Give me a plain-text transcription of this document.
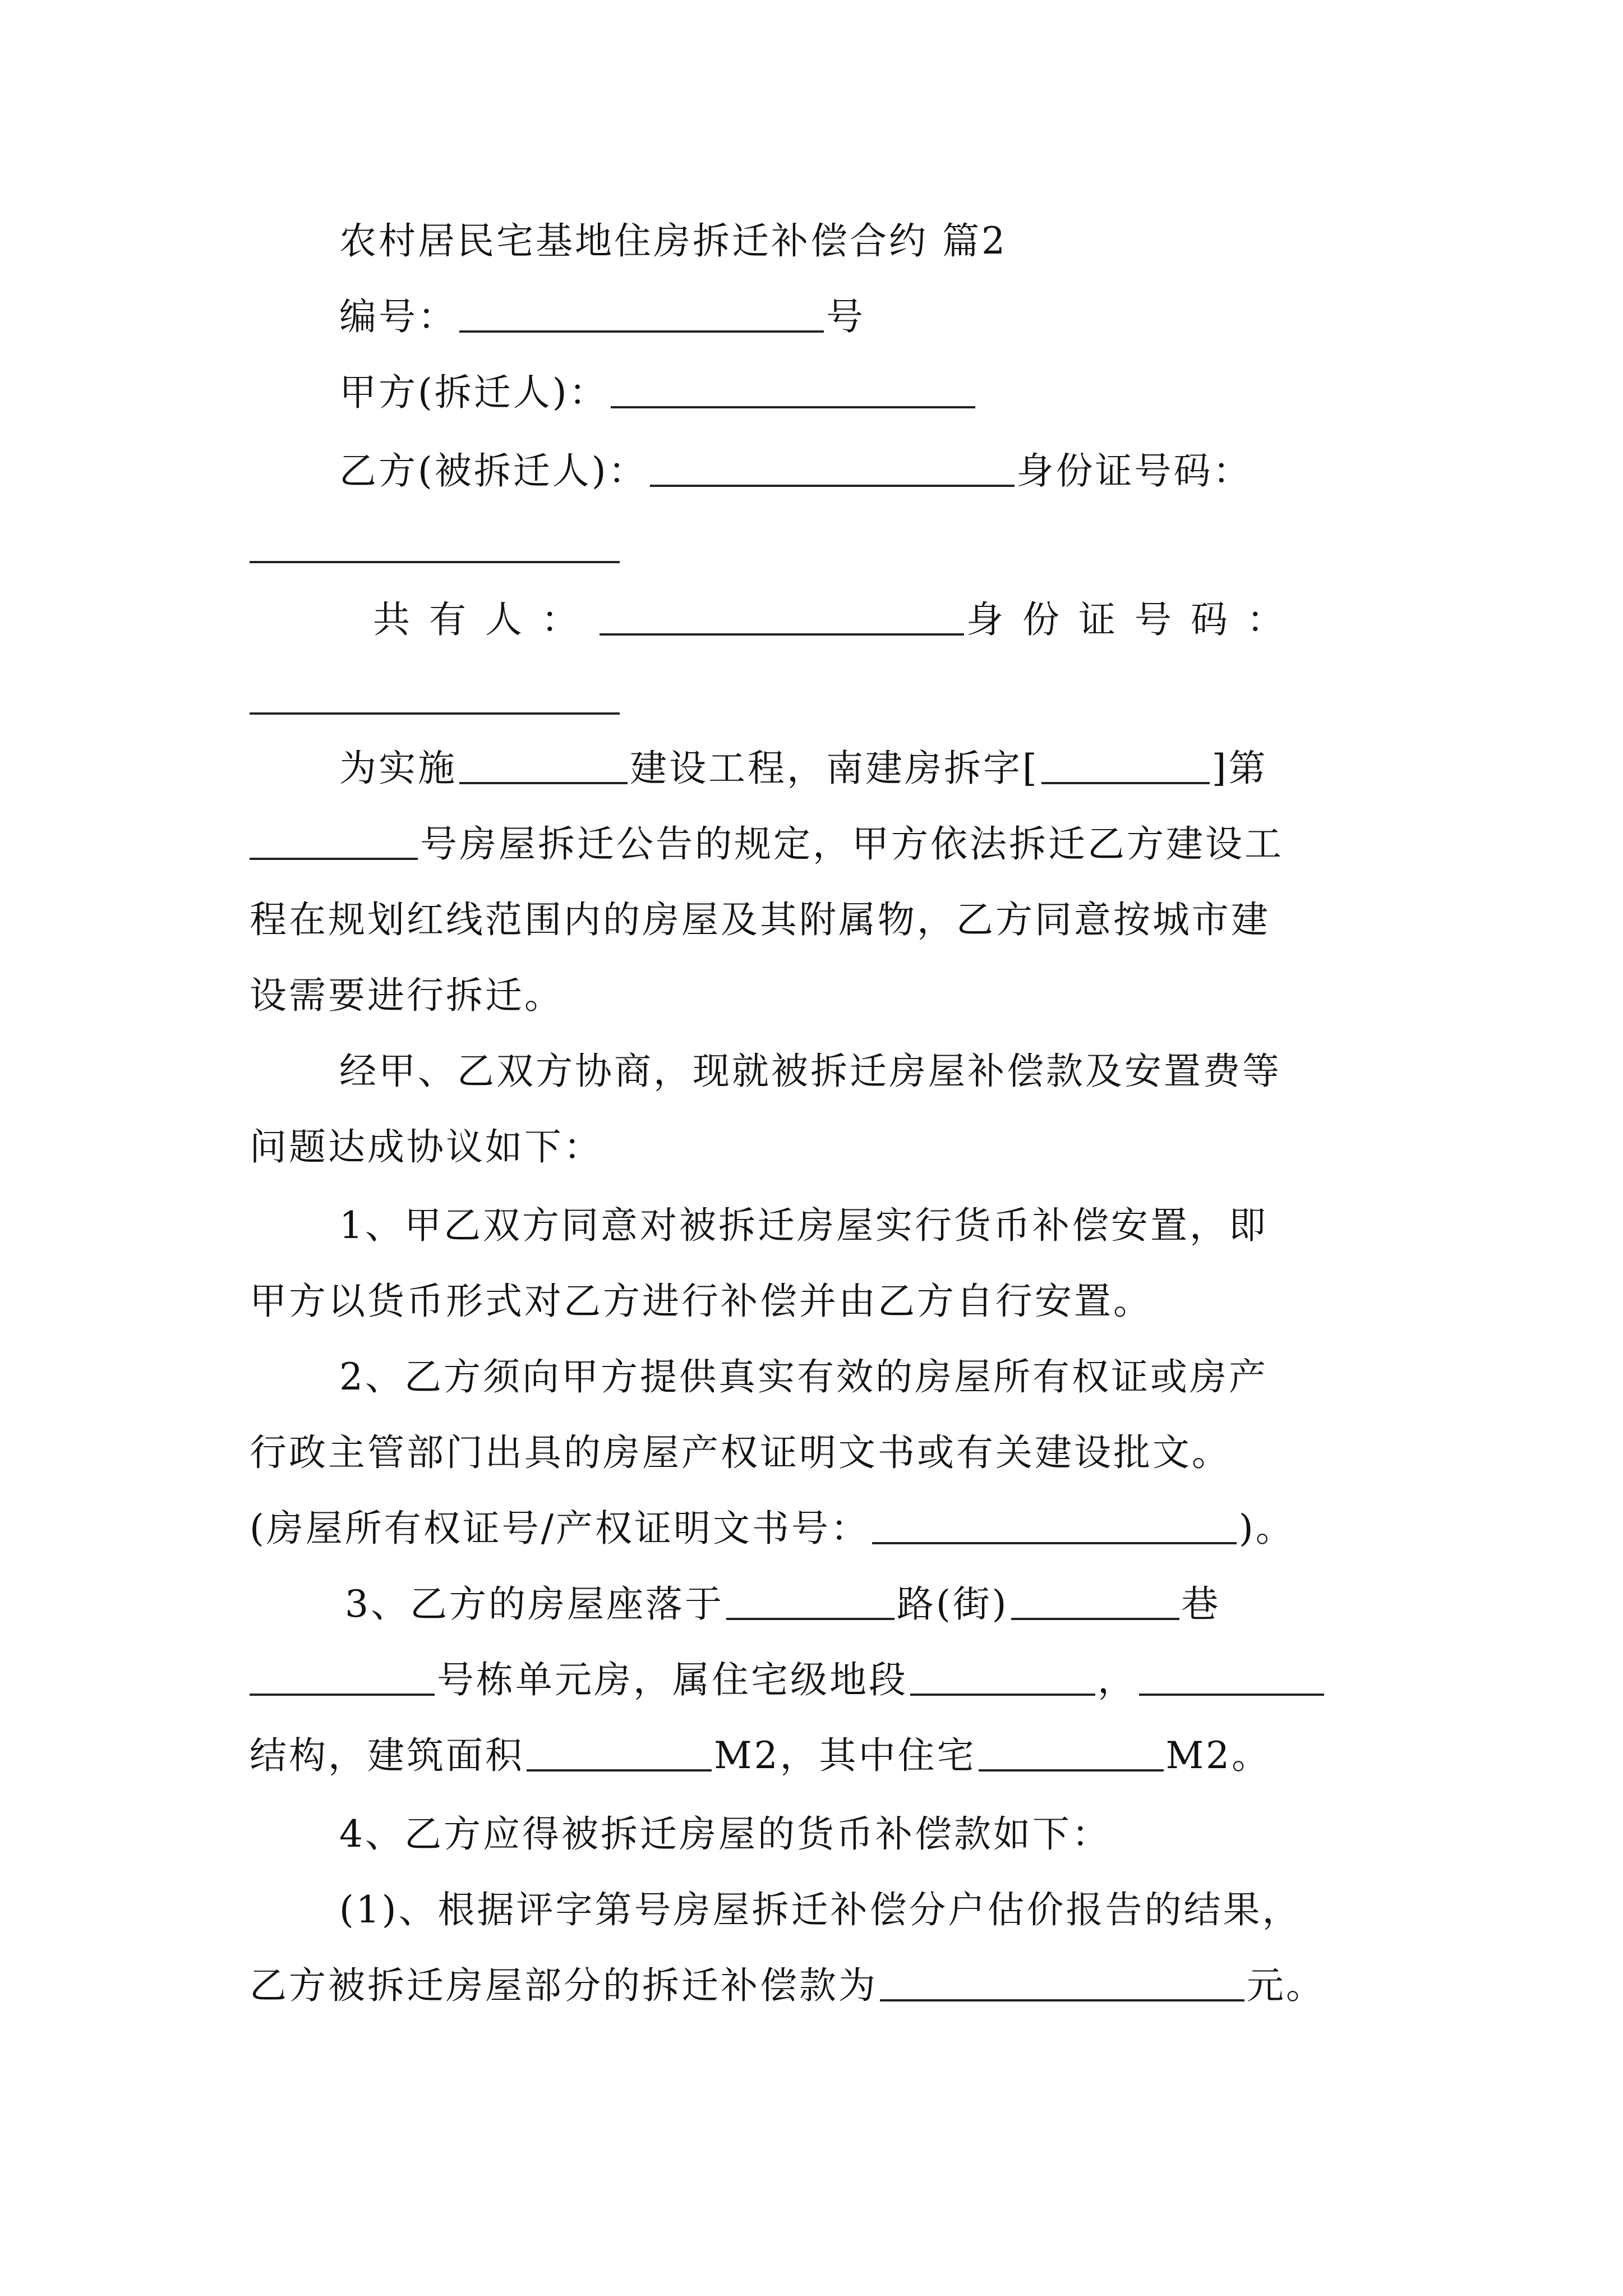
农村居民宅基地住房拆迁补偿合约 篇2
编号：	号
甲方(拆迁人)：
乙方(被拆迁人)：	身份证号码：
共有人：	身份证号码：
为实施	建设工程，南建房拆字[	]第
号房屋拆迁公告的规定，甲方依法拆迁乙方建设工
程在规划红线范围内的房屋及其附属物，乙方同意按城市建
设需要进行拆迁。
经甲、乙双方协商，现就被拆迁房屋补偿款及安置费等
问题达成协议如下：
1、甲乙双方同意对被拆迁房屋实行货币补偿安置，即
甲方以货币形式对乙方进行补偿并由乙方自行安置。
2、乙方须向甲方提供真实有效的房屋所有权证或房产
行政主管部门出具的房屋产权证明文书或有关建设批文。
(房屋所有权证号/产权证明文书号：	)。
3、乙方的房屋座落于	路(街)	巷
号栋单元房，属住宅级地段	，
结构，建筑面积	M2，其中住宅	M2。
4、乙方应得被拆迁房屋的货币补偿款如下：
(1)、根据评字第号房屋拆迁补偿分户估价报告的结果，
乙方被拆迁房屋部分的拆迁补偿款为	元。
